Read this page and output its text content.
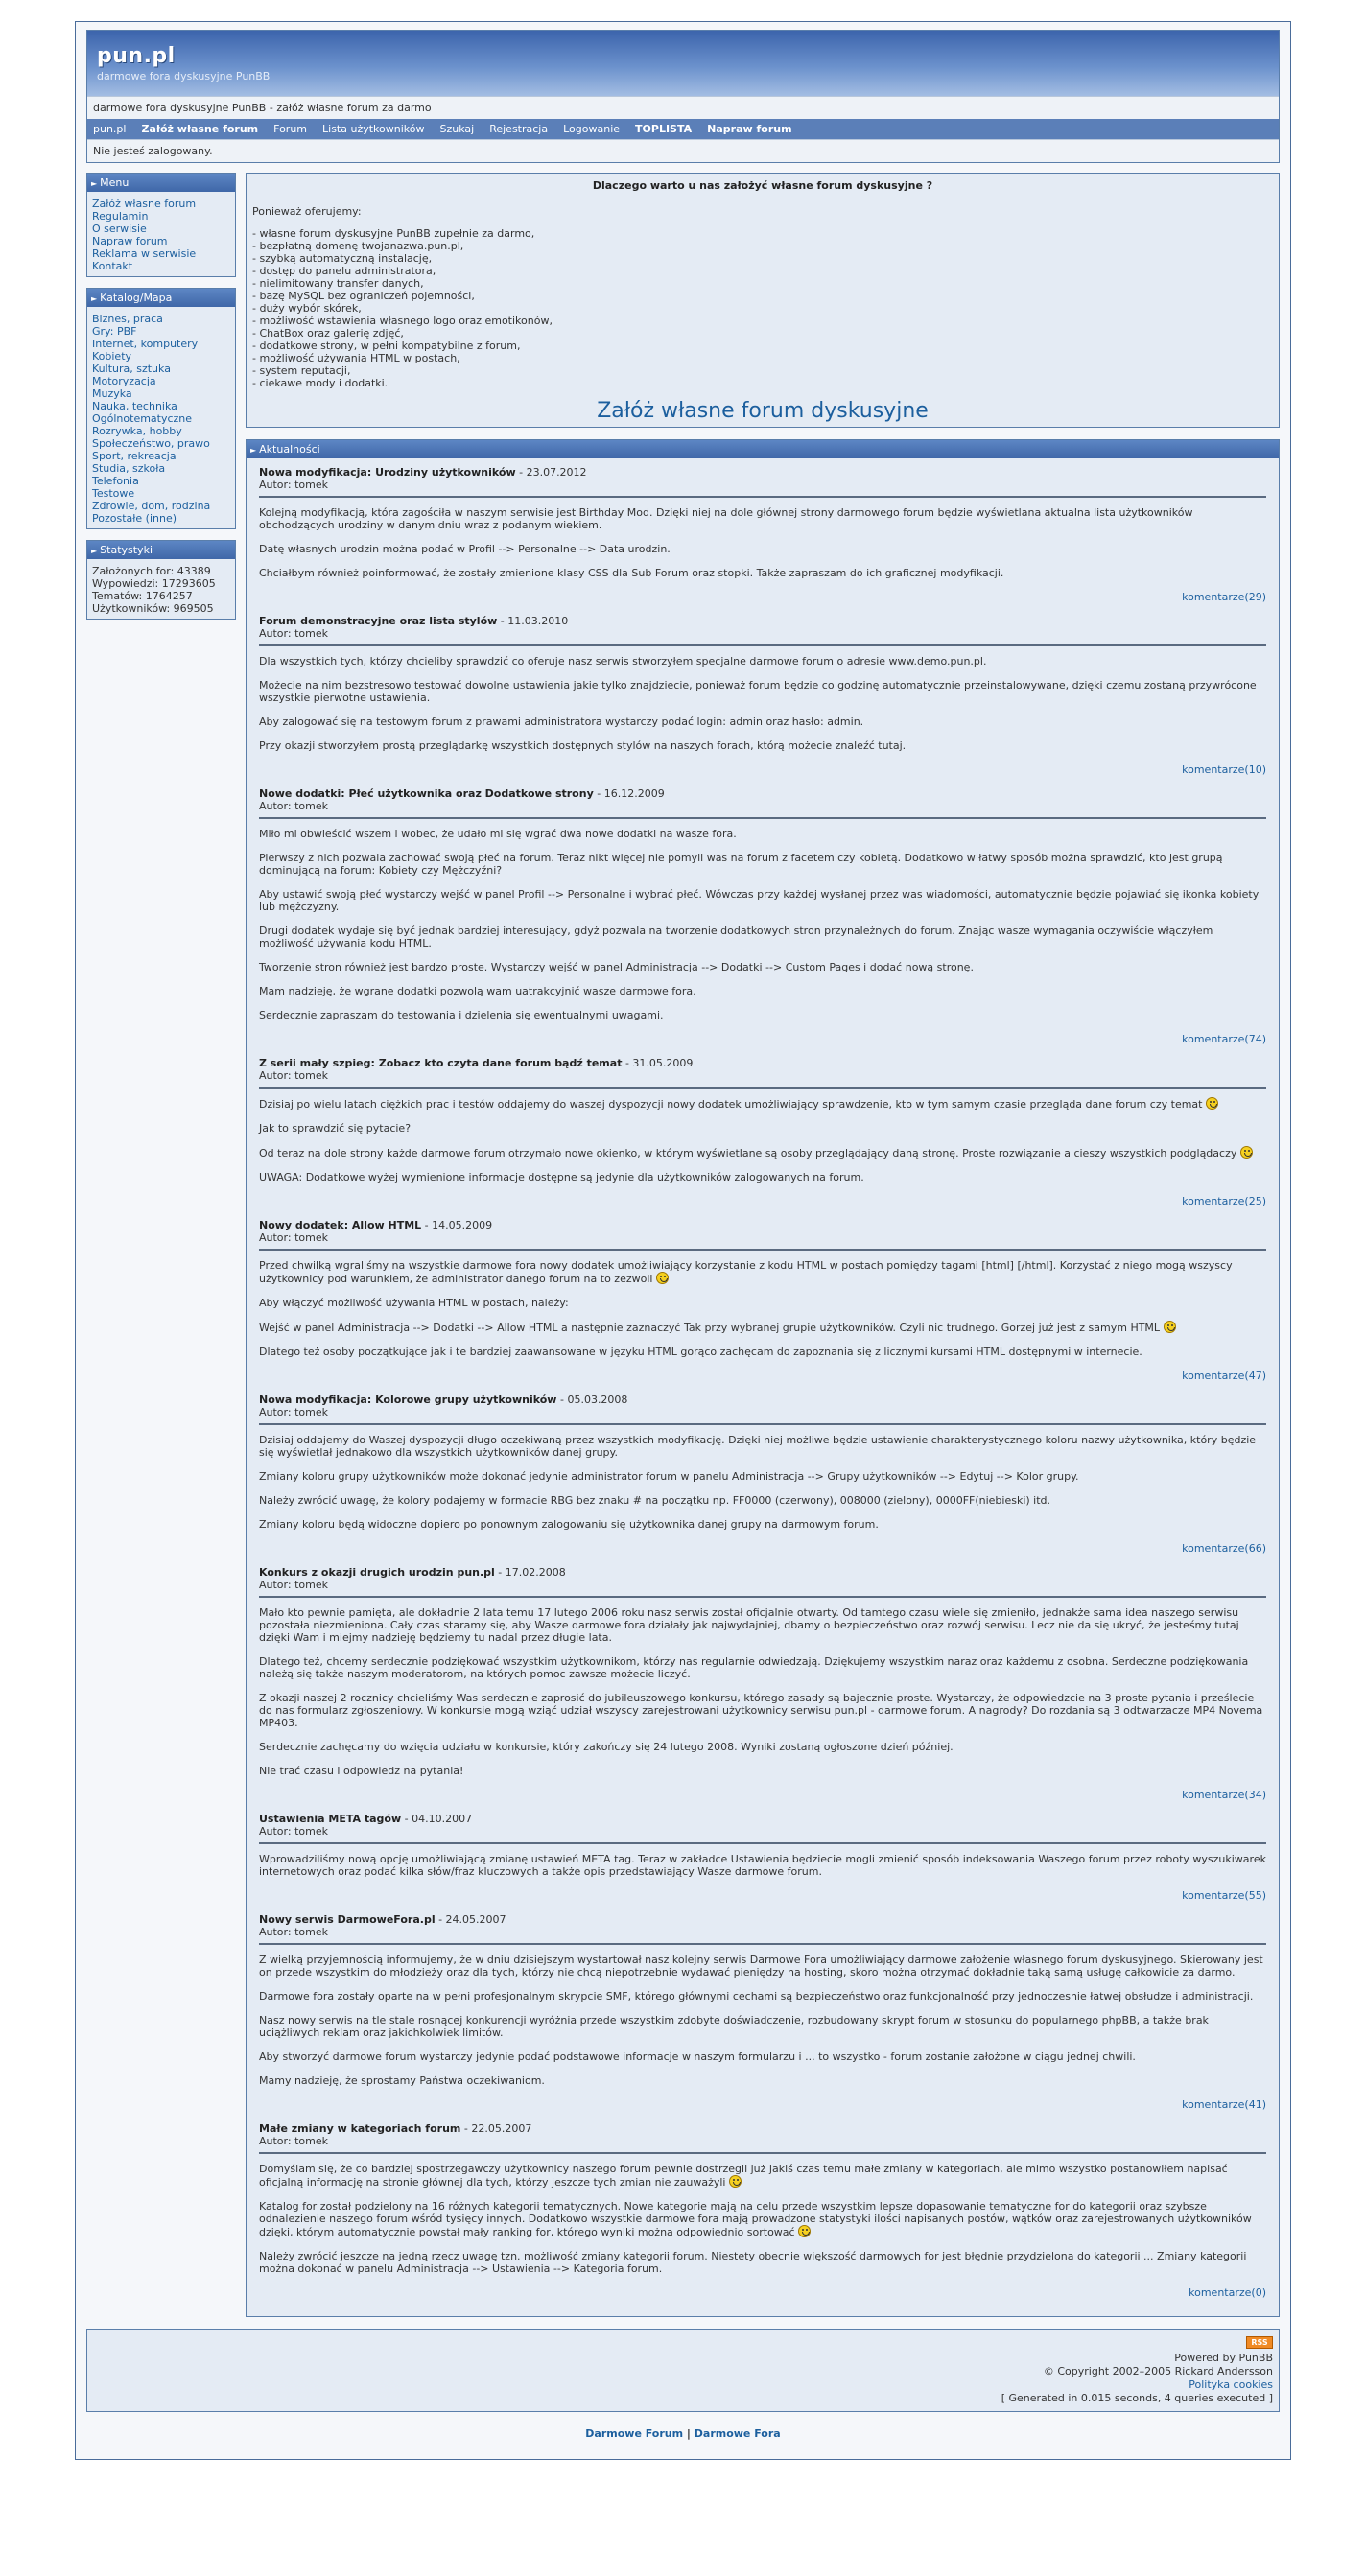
pun.pl
darmowe fora dyskusyjne PunBB
darmowe fora dyskusyjne PunBB - załóż własne forum za darmo
pun.pl Załóż własne forum Forum Lista użytkowników Szukaj Rejestracja Logowanie TOPLISTA Napraw forum
Nie jesteś zalogowany.
► Menu
Załóż własne forum
Regulamin
O serwisie
Napraw forum
Reklama w serwisie
Kontakt
► Katalog/Mapa
Biznes, praca
Gry: PBF
Internet, komputery
Kobiety
Kultura, sztuka
Motoryzacja
Muzyka
Nauka, technika
Ogólnotematyczne
Rozrywka, hobby
Społeczeństwo, prawo
Sport, rekreacja
Studia, szkoła
Telefonia
Testowe
Zdrowie, dom, rodzina
Pozostałe (inne)
► Statystyki
Założonych for: 43389
Wypowiedzi: 17293605
Tematów: 1764257
Użytkowników: 969505
Dlaczego warto u nas założyć własne forum dyskusyjne ?

Ponieważ oferujemy:

- własne forum dyskusyjne PunBB zupełnie za darmo,
- bezpłatną domenę twojanazwa.pun.pl,
- szybką automatyczną instalację,
- dostęp do panelu administratora,
- nielimitowany transfer danych,
- bazę MySQL bez ograniczeń pojemności,
- duży wybór skórek,
- możliwość wstawienia własnego logo oraz emotikonów,
- ChatBox oraz galerię zdjęć,
- dodatkowe strony, w pełni kompatybilne z forum,
- możliwość używania HTML w postach,
- system reputacji,
- ciekawe mody i dodatki.
Załóż własne forum dyskusyjne
► Aktualności
Nowa modyfikacja: Urodziny użytkowników - 23.07.2012
Autor: tomek

Kolejną modyfikacją, która zagościła w naszym serwisie jest Birthday Mod. Dzięki niej na dole głównej strony darmowego forum będzie wyświetlana aktualna lista użytkowników obchodzących urodziny w danym dniu wraz z podanym wiekiem.

Datę własnych urodzin można podać w Profil --> Personalne --> Data urodzin.

Chciałbym również poinformować, że zostały zmienione klasy CSS dla Sub Forum oraz stopki. Także zapraszam do ich graficznej modyfikacji.

komentarze(29)
Forum demonstracyjne oraz lista stylów - 11.03.2010
Autor: tomek

Dla wszystkich tych, którzy chcieliby sprawdzić co oferuje nasz serwis stworzyłem specjalne darmowe forum o adresie www.demo.pun.pl.

Możecie na nim bezstresowo testować dowolne ustawienia jakie tylko znajdziecie, ponieważ forum będzie co godzinę automatycznie przeinstalowywane, dzięki czemu zostaną przywrócone wszystkie pierwotne ustawienia.

Aby zalogować się na testowym forum z prawami administratora wystarczy podać login: admin oraz hasło: admin.

Przy okazji stworzyłem prostą przeglądarkę wszystkich dostępnych stylów na naszych forach, którą możecie znaleźć tutaj.

komentarze(10)
Nowe dodatki: Płeć użytkownika oraz Dodatkowe strony - 16.12.2009
Autor: tomek

Miło mi obwieścić wszem i wobec, że udało mi się wgrać dwa nowe dodatki na wasze fora.

Pierwszy z nich pozwala zachować swoją płeć na forum. Teraz nikt więcej nie pomyli was na forum z facetem czy kobietą. Dodatkowo w łatwy sposób można sprawdzić, kto jest grupą dominującą na forum: Kobiety czy Mężczyźni?

Aby ustawić swoją płeć wystarczy wejść w panel Profil --> Personalne i wybrać płeć. Wówczas przy każdej wysłanej przez was wiadomości, automatycznie będzie pojawiać się ikonka kobiety lub mężczyzny.

Drugi dodatek wydaje się być jednak bardziej interesujący, gdyż pozwala na tworzenie dodatkowych stron przynależnych do forum. Znając wasze wymagania oczywiście włączyłem możliwość używania kodu HTML.

Tworzenie stron również jest bardzo proste. Wystarczy wejść w panel Administracja --> Dodatki --> Custom Pages i dodać nową stronę.

Mam nadzieję, że wgrane dodatki pozwolą wam uatrakcyjnić wasze darmowe fora.

Serdecznie zapraszam do testowania i dzielenia się ewentualnymi uwagami.

komentarze(74)
Z serii mały szpieg: Zobacz kto czyta dane forum bądź temat - 31.05.2009
Autor: tomek

Dzisiaj po wielu latach ciężkich prac i testów oddajemy do waszej dyspozycji nowy dodatek umożliwiający sprawdzenie, kto w tym samym czasie przegląda dane forum czy temat

Jak to sprawdzić się pytacie?

Od teraz na dole strony każde darmowe forum otrzymało nowe okienko, w którym wyświetlane są osoby przeglądający daną stronę. Proste rozwiązanie a cieszy wszystkich podglądaczy

UWAGA: Dodatkowe wyżej wymienione informacje dostępne są jedynie dla użytkowników zalogowanych na forum.

komentarze(25)
Nowy dodatek: Allow HTML - 14.05.2009
Autor: tomek

Przed chwilką wgraliśmy na wszystkie darmowe fora nowy dodatek umożliwiający korzystanie z kodu HTML w postach pomiędzy tagami [html] [/html]. Korzystać z niego mogą wszyscy użytkownicy pod warunkiem, że administrator danego forum na to zezwoli

Aby włączyć możliwość używania HTML w postach, należy:

Wejść w panel Administracja --> Dodatki --> Allow HTML a następnie zaznaczyć Tak przy wybranej grupie użytkowników. Czyli nic trudnego. Gorzej już jest z samym HTML

Dlatego też osoby początkujące jak i te bardziej zaawansowane w języku HTML gorąco zachęcam do zapoznania się z licznymi kursami HTML dostępnymi w internecie.

komentarze(47)
Nowa modyfikacja: Kolorowe grupy użytkowników - 05.03.2008
Autor: tomek

Dzisiaj oddajemy do Waszej dyspozycji długo oczekiwaną przez wszystkich modyfikację. Dzięki niej możliwe będzie ustawienie charakterystycznego koloru nazwy użytkownika, który będzie się wyświetlał jednakowo dla wszystkich użytkowników danej grupy.

Zmiany koloru grupy użytkowników może dokonać jedynie administrator forum w panelu Administracja --> Grupy użytkowników --> Edytuj --> Kolor grupy.

Należy zwrócić uwagę, że kolory podajemy w formacie RBG bez znaku # na początku np. FF0000 (czerwony), 008000 (zielony), 0000FF(niebieski) itd.

Zmiany koloru będą widoczne dopiero po ponownym zalogowaniu się użytkownika danej grupy na darmowym forum.

komentarze(66)
Konkurs z okazji drugich urodzin pun.pl - 17.02.2008
Autor: tomek

Mało kto pewnie pamięta, ale dokładnie 2 lata temu 17 lutego 2006 roku nasz serwis został oficjalnie otwarty. Od tamtego czasu wiele się zmieniło, jednakże sama idea naszego serwisu pozostała niezmieniona. Cały czas staramy się, aby Wasze darmowe fora działały jak najwydajniej, dbamy o bezpieczeństwo oraz rozwój serwisu. Lecz nie da się ukryć, że jesteśmy tutaj dzięki Wam i miejmy nadzieję będziemy tu nadal przez długie lata.

Dlatego też, chcemy serdecznie podziękować wszystkim użytkownikom, którzy nas regularnie odwiedzają. Dziękujemy wszystkim naraz oraz każdemu z osobna. Serdeczne podziękowania należą się także naszym moderatorom, na których pomoc zawsze możecie liczyć.

Z okazji naszej 2 rocznicy chcieliśmy Was serdecznie zaprosić do jubileuszowego konkursu, którego zasady są bajecznie proste. Wystarczy, że odpowiedzcie na 3 proste pytania i prześlecie do nas formularz zgłoszeniowy. W konkursie mogą wziąć udział wszyscy zarejestrowani użytkownicy serwisu pun.pl - darmowe forum. A nagrody? Do rozdania są 3 odtwarzacze MP4 Novema MP403.

Serdecznie zachęcamy do wzięcia udziału w konkursie, który zakończy się 24 lutego 2008. Wyniki zostaną ogłoszone dzień później.

Nie trać czasu i odpowiedz na pytania!

komentarze(34)
Ustawienia META tagów - 04.10.2007
Autor: tomek

Wprowadziliśmy nową opcję umożliwiającą zmianę ustawień META tag. Teraz w zakładce Ustawienia będziecie mogli zmienić sposób indeksowania Waszego forum przez roboty wyszukiwarek internetowych oraz podać kilka słów/fraz kluczowych a także opis przedstawiający Wasze darmowe forum.

komentarze(55)
Nowy serwis DarmoweFora.pl - 24.05.2007
Autor: tomek

Z wielką przyjemnością informujemy, że w dniu dzisiejszym wystartował nasz kolejny serwis Darmowe Fora umożliwiający darmowe założenie własnego forum dyskusyjnego. Skierowany jest on przede wszystkim do młodzieży oraz dla tych, którzy nie chcą niepotrzebnie wydawać pieniędzy na hosting, skoro można otrzymać dokładnie taką samą usługę całkowicie za darmo.

Darmowe fora zostały oparte na w pełni profesjonalnym skrypcie SMF, którego głównymi cechami są bezpieczeństwo oraz funkcjonalność przy jednoczesnie łatwej obsłudze i administracji.

Nasz nowy serwis na tle stale rosnącej konkurencji wyróżnia przede wszystkim zdobyte doświadczenie, rozbudowany skrypt forum w stosunku do popularnego phpBB, a także brak uciążliwych reklam oraz jakichkolwiek limitów.

Aby stworzyć darmowe forum wystarczy jedynie podać podstawowe informacje w naszym formularzu i ... to wszystko - forum zostanie założone w ciągu jednej chwili.

Mamy nadzieję, że sprostamy Państwa oczekiwaniom.

komentarze(41)
Małe zmiany w kategoriach forum - 22.05.2007
Autor: tomek

Domyślam się, że co bardziej spostrzegawczy użytkownicy naszego forum pewnie dostrzegli już jakiś czas temu małe zmiany w kategoriach, ale mimo wszystko postanowiłem napisać oficjalną informację na stronie głównej dla tych, którzy jeszcze tych zmian nie zauważyli

Katalog for został podzielony na 16 różnych kategorii tematycznych. Nowe kategorie mają na celu przede wszystkim lepsze dopasowanie tematyczne for do kategorii oraz szybsze odnalezienie naszego forum wśród tysięcy innych. Dodatkowo wszystkie darmowe fora mają prowadzone statystyki ilości napisanych postów, wątków oraz zarejestrowanych użytkowników dzięki, którym automatycznie powstał mały ranking for, którego wyniki można odpowiednio sortować

Należy zwrócić jeszcze na jedną rzecz uwagę tzn. możliwość zmiany kategorii forum. Niestety obecnie większość darmowych for jest błędnie przydzielona do kategorii ... Zmiany kategorii można dokonać w panelu Administracja --> Ustawienia --> Kategoria forum.

komentarze(0)
RSS
Powered by PunBB
© Copyright 2002–2005 Rickard Andersson
Polityka cookies
[ Generated in 0.015 seconds, 4 queries executed ]
Darmowe Forum | Darmowe Fora
